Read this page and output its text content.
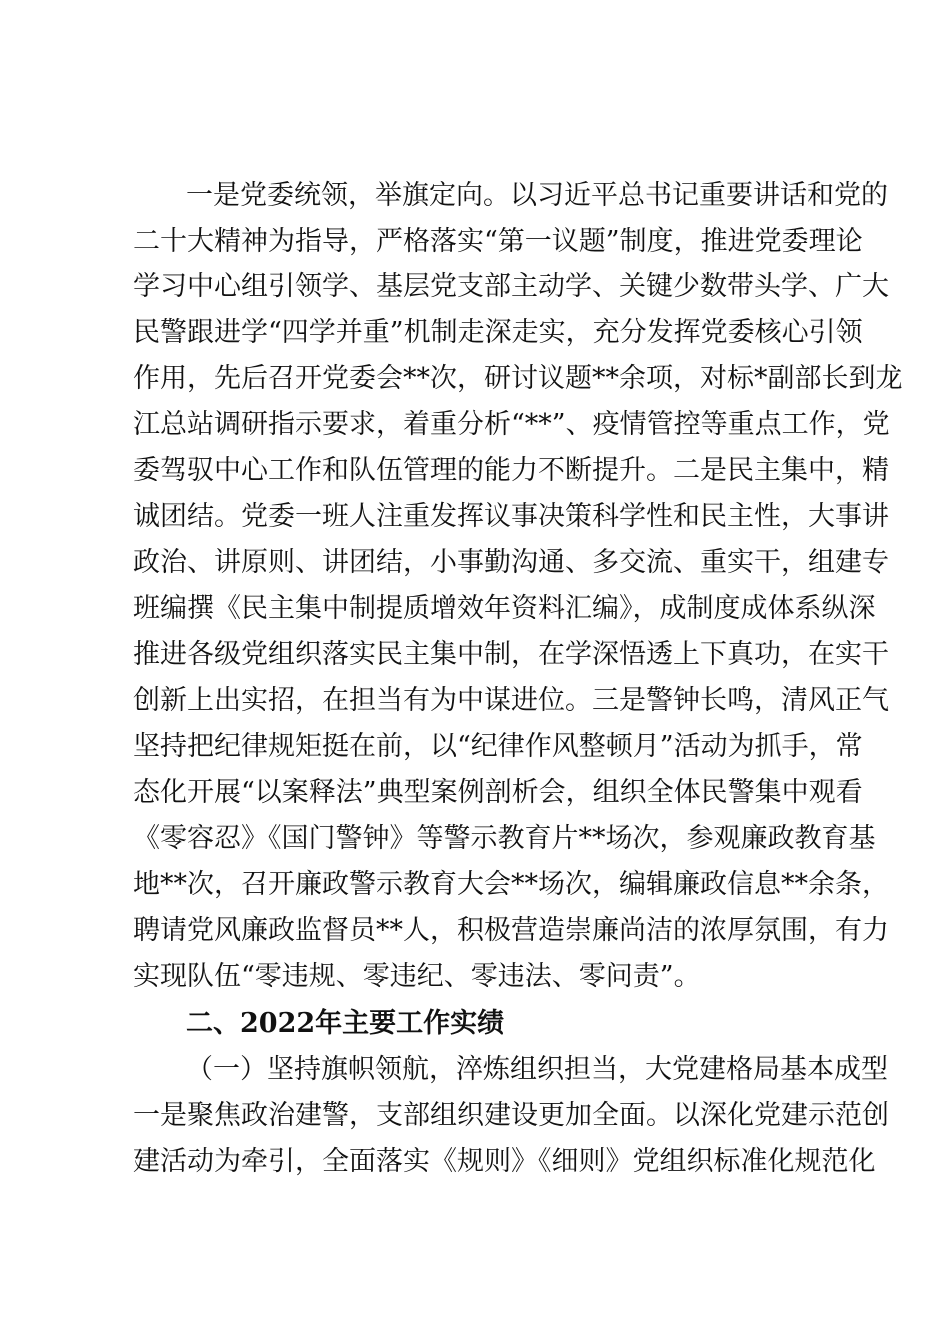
一是党委统领，举旗定向。以习近平总书记重要讲话和党的
二十大精神为指导，严格落实“第一议题”制度，推进党委理论
学习中心组引领学、基层党支部主动学、关键少数带头学、广大
民警跟进学“四学并重”机制走深走实，充分发挥党委核心引领
作用，先后召开党委会**次，研讨议题**余项，对标*副部长到龙
江总站调研指示要求，着重分析“**”、疫情管控等重点工作，党
委驾驭中心工作和队伍管理的能力不断提升。二是民主集中，精
诚团结。党委一班人注重发挥议事决策科学性和民主性，大事讲
政治、讲原则、讲团结，小事勤沟通、多交流、重实干，组建专
班编撰《民主集中制提质增效年资料汇编》，成制度成体系纵深
推进各级党组织落实民主集中制，在学深悟透上下真功，在实干
创新上出实招，在担当有为中谋进位。三是警钟长鸣，清风正气
坚持把纪律规矩挺在前，以“纪律作风整顿月”活动为抓手，常
态化开展“以案释法”典型案例剖析会，组织全体民警集中观看
《零容忍》《国门警钟》等警示教育片**场次，参观廉政教育基
地**次，召开廉政警示教育大会**场次，编辑廉政信息**余条，
聘请党风廉政监督员**人，积极营造崇廉尚洁的浓厚氛围，有力
实现队伍“零违规、零违纪、零违法、零问责”。
二、2022年主要工作实绩
（一）坚持旗帜领航，淬炼组织担当，大党建格局基本成型
一是聚焦政治建警，支部组织建设更加全面。以深化党建示范创
建活动为牵引，全面落实《规则》《细则》党组织标准化规范化
